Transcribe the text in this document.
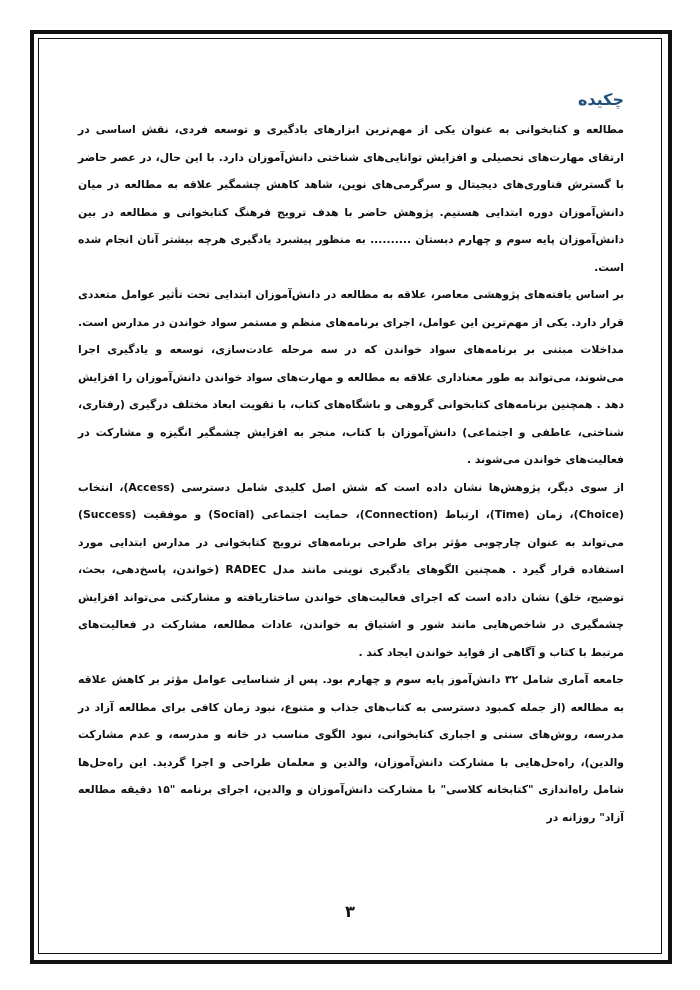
چکیده

مطالعه و کتابخوانی به عنوان یکی از مهم‌ترین ابزارهای یادگیری و توسعه فردی، نقش اساسی در ارتقای مهارت‌های تحصیلی و افزایش توانایی‌های شناختی دانش‌آموزان دارد. با این حال، در عصر حاضر با گسترش فناوری‌های دیجیتال و سرگرمی‌های نوین، شاهد کاهش چشمگیر علاقه به مطالعه در میان دانش‌آموزان دوره ابتدایی هستیم. پژوهش حاضر با هدف ترویج فرهنگ کتابخوانی و مطالعه در بین دانش‌آموزان پایه سوم و چهارم دبستان .......... به منظور پیشبرد یادگیری هرچه بیشتر آنان انجام شده است.

بر اساس یافته‌های پژوهشی معاصر، علاقه به مطالعه در دانش‌آموزان ابتدایی تحت تأثیر عوامل متعددی قرار دارد. یکی از مهم‌ترین این عوامل، اجرای برنامه‌های منظم و مستمر سواد خواندن در مدارس است. مداخلات مبتنی بر برنامه‌های سواد خواندن که در سه مرحله عادت‌سازی، توسعه و یادگیری اجرا می‌شوند، می‌تواند به طور معناداری علاقه به مطالعه و مهارت‌های سواد خواندن دانش‌آموزان را افزایش دهد . همچنین برنامه‌های کتابخوانی گروهی و باشگاه‌های کتاب، با تقویت ابعاد مختلف درگیری (رفتاری، شناختی، عاطفی و اجتماعی) دانش‌آموزان با کتاب، منجر به افزایش چشمگیر انگیزه و مشارکت در فعالیت‌های خواندن می‌شوند .

از سوی دیگر، پژوهش‌ها نشان داده است که شش اصل کلیدی شامل دسترسی (Access)، انتخاب (Choice)، زمان (Time)، ارتباط (Connection)، حمایت اجتماعی (Social) و موفقیت (Success) می‌تواند به عنوان چارچوبی مؤثر برای طراحی برنامه‌های ترویج کتابخوانی در مدارس ابتدایی مورد استفاده قرار گیرد . همچنین الگوهای یادگیری نوینی مانند مدل RADEC (خواندن، پاسخ‌دهی، بحث، توضیح، خلق) نشان داده است که اجرای فعالیت‌های خواندن ساختاریافته و مشارکتی می‌تواند افزایش چشمگیری در شاخص‌هایی مانند شور و اشتیاق به خواندن، عادات مطالعه، مشارکت در فعالیت‌های مرتبط با کتاب و آگاهی از فواید خواندن ایجاد کند .

جامعه آماری شامل ۳۲ دانش‌آموز پایه سوم و چهارم بود. پس از شناسایی عوامل مؤثر بر کاهش علاقه به مطالعه (از جمله کمبود دسترسی به کتاب‌های جذاب و متنوع، نبود زمان کافی برای مطالعه آزاد در مدرسه، روش‌های سنتی و اجباری کتابخوانی، نبود الگوی مناسب در خانه و مدرسه، و عدم مشارکت والدین)، راه‌حل‌هایی با مشارکت دانش‌آموزان، والدین و معلمان طراحی و اجرا گردید. این راه‌حل‌ها شامل راه‌اندازی "کتابخانه کلاسی" با مشارکت دانش‌آموزان و والدین، اجرای برنامه "۱۵ دقیقه مطالعه آزاد" روزانه در

۳
